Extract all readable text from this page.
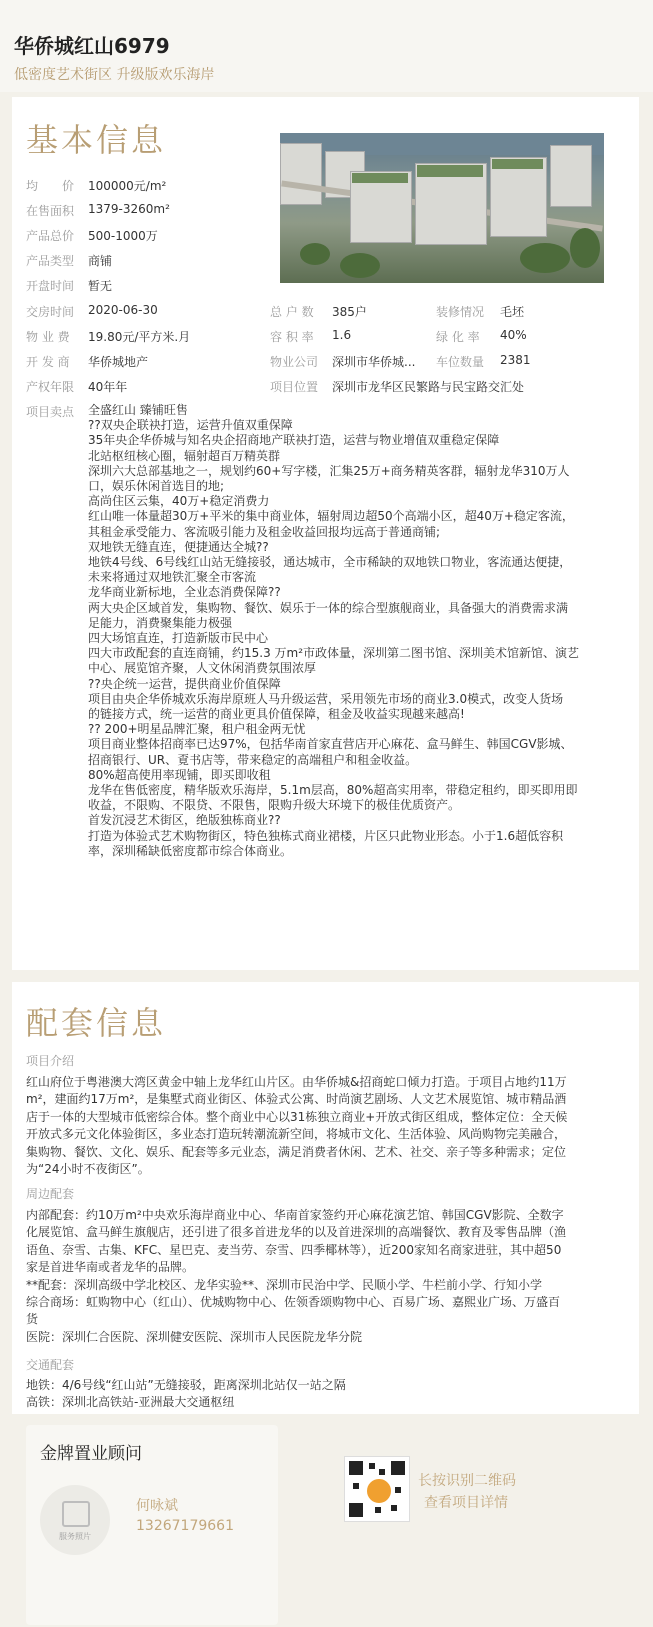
华侨城红山6979
低密度艺术街区 升级版欢乐海岸
基本信息
均　　价 100000元/m²
在售面积 1379-3260m²
产品总价 500-1000万
产品类型 商铺
开盘时间 暂无
交房时间 2020-06-30
物 业 费 19.80元/平方米.月
开 发 商 华侨城地产
产权年限 40年年
总 户 数 385户	装修情况 毛坯
容 积 率 1.6	绿 化 率 40%
物业公司 深圳市华侨城... 车位数量 2381
项目位置 深圳市龙华区民繁路与民宝路交汇处
项目卖点 全盛红山 臻铺旺售
??双央企联袂打造，运营升值双重保障
35年央企华侨城与知名央企招商地产联袂打造，运营与物业增值双重稳定保障
北站枢纽核心圈，辐射超百万精英群
深圳六大总部基地之一，规划约60+写字楼，汇集25万+商务精英客群，辐射龙华310万人
口，娱乐休闲首选目的地;
高尚住区云集，40万+稳定消费力
红山唯一体量超30万+平米的集中商业体，辐射周边超50个高端小区，超40万+稳定客流，
其租金承受能力、客流吸引能力及租金收益回报均远高于普通商铺;
双地铁无缝直连，便捷通达全城??
地铁4号线、6号线红山站无缝接驳，通达城市，全市稀缺的双地铁口物业，客流通达便捷，
未来将通过双地铁汇聚全市客流
龙华商业新标地，全业态消费保障??
两大央企区域首发，集购物、餐饮、娱乐于一体的综合型旗舰商业，具备强大的消费需求满
足能力，消费聚集能力极强
四大场馆直连，打造新版市民中心
四大市政配套的直连商铺，约15.3 万m²市政体量，深圳第二图书馆、深圳美术馆新馆、演艺
中心、展览馆齐聚，人文休闲消费氛围浓厚
??央企统一运营，提供商业价值保障
项目由央企华侨城欢乐海岸原班人马升级运营，采用领先市场的商业3.0模式，改变人货场
的链接方式，统一运营的商业更具价值保障，租金及收益实现越来越高!
?? 200+明星品牌汇聚，租户租金两无忧
项目商业整体招商率已达97%，包括华南首家直营店开心麻花、盒马鲜生、韩国CGV影城、
招商银行、UR、覔书店等，带来稳定的高端租户和租金收益。
80%超高使用率现铺，即买即收租
龙华在售低密度，精华版欢乐海岸，5.1m层高，80%超高实用率，带稳定租约，即买即用即
收益，不限购、不限贷、不限售，限购升级大环境下的极佳优质资产。
首发沉浸艺术街区，绝版独栋商业??
打造为体验式艺术购物街区，特色独栋式商业裙楼，片区只此物业形态。小于1.6超低容积
率，深圳稀缺低密度都市综合体商业。
配套信息
项目介绍
红山府位于粤港澳大湾区黄金中轴上龙华红山片区。由华侨城&招商蛇口倾力打造。于项目占地约11万
m²，建面约17万m²，是集墅式商业街区、体验式公寓、时尚演艺剧场、人文艺术展览馆、城市精品酒
店于一体的大型城市低密综合体。整个商业中心以31栋独立商业+开放式街区组成，整体定位：全天候
开放式多元文化体验街区，多业态打造玩转潮流新空间，将城市文化、生活体验、风尚购物完美融合，
集购物、餐饮、文化、娱乐、配套等多元业态，满足消费者休闲、艺术、社交、亲子等多种需求；定位
为“24小时不夜街区”。
周边配套
内部配套：约10万m²中央欢乐海岸商业中心、华南首家签约开心麻花演艺馆、韩国CGV影院、全数字
化展览馆、盒马鲜生旗舰店，还引进了很多首进龙华的以及首进深圳的高端餐饮、教育及零售品牌（渔
语鱼、奈雪、古集、KFC、星巴克、麦当劳、奈雪、四季椰林等），近200家知名商家进驻，其中超50
家是首进华南或者龙华的品牌。
**配套：深圳高级中学北校区、龙华实验**、深圳市民治中学、民顺小学、牛栏前小学、行知小学
综合商场：虹购物中心（红山）、优城购物中心、佐领香颂购物中心、百易广场、嘉熙业广场、万盛百
货
医院：深圳仁合医院、深圳健安医院、深圳市人民医院龙华分院
交通配套
地铁：4/6号线“红山站”无缝接驳，距离深圳北站仅一站之隔
高铁：深圳北高铁站-亚洲最大交通枢纽
金牌置业顾问
服务照片
何咏斌
13267179661
长按识别二维码
查看项目详情
